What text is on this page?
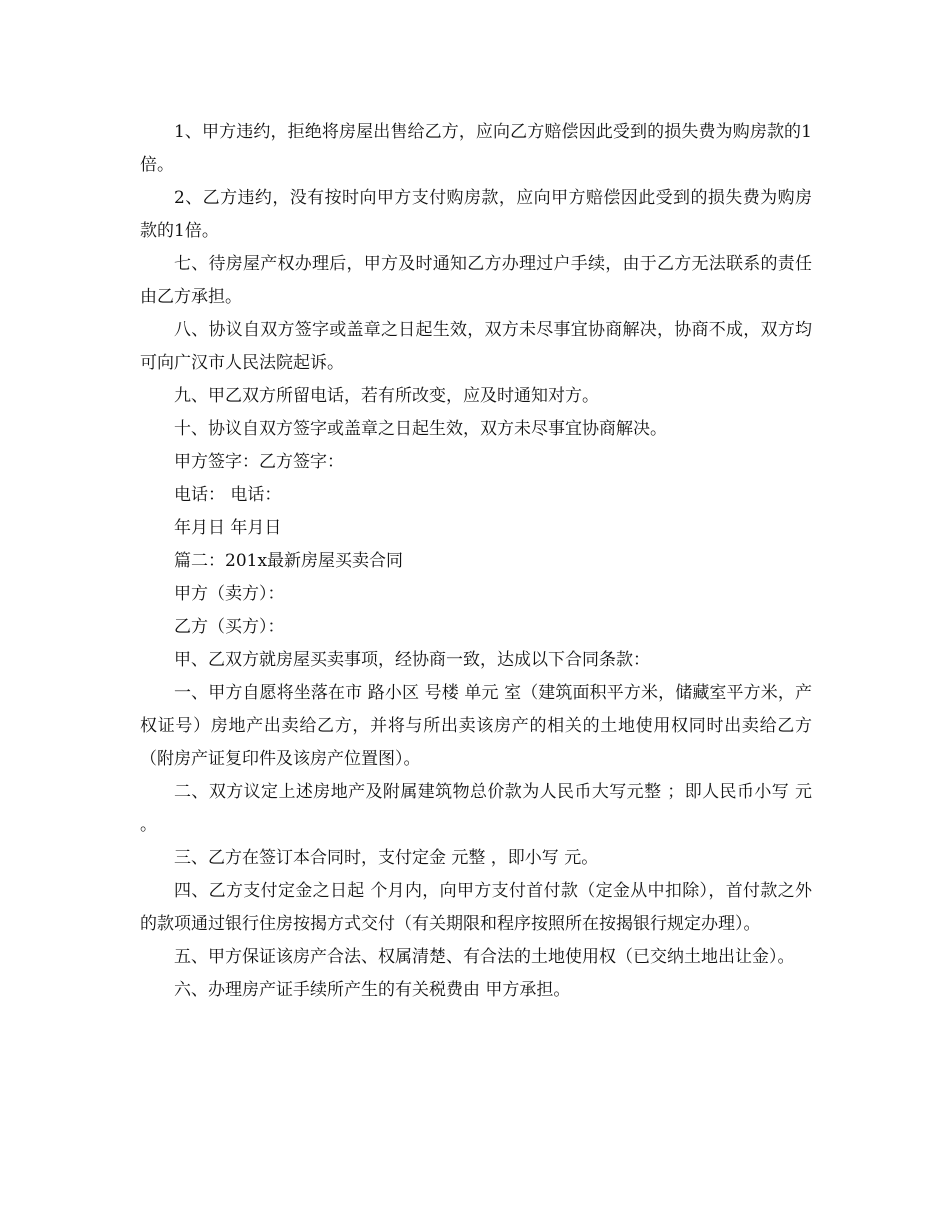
1、甲方违约，拒绝将房屋出售给乙方，应向乙方赔偿因此受到的损失费为购房款的1倍。

2、乙方违约，没有按时向甲方支付购房款，应向甲方赔偿因此受到的损失费为购房款的1倍。

七、待房屋产权办理后，甲方及时通知乙方办理过户手续，由于乙方无法联系的责任由乙方承担。

八、协议自双方签字或盖章之日起生效，双方未尽事宜协商解决，协商不成，双方均可向广汉市人民法院起诉。

九、甲乙双方所留电话，若有所改变，应及时通知对方。

十、协议自双方签字或盖章之日起生效，双方未尽事宜协商解决。

甲方签字：乙方签字：

电话： 电话：

年月日 年月日

篇二：201x最新房屋买卖合同

甲方（卖方）：

乙方（买方）：

甲、乙双方就房屋买卖事项，经协商一致，达成以下合同条款：

一、甲方自愿将坐落在市 路小区 号楼 单元 室（建筑面积平方米，储藏室平方米，产权证号）房地产出卖给乙方，并将与所出卖该房产的相关的土地使用权同时出卖给乙方（附房产证复印件及该房产位置图）。

二、双方议定上述房地产及附属建筑物总价款为人民币大写元整 ；即人民币小写 元 。

三、乙方在签订本合同时，支付定金 元整 ，即小写 元。

四、乙方支付定金之日起 个月内，向甲方支付首付款（定金从中扣除），首付款之外的款项通过银行住房按揭方式交付（有关期限和程序按照所在按揭银行规定办理）。

五、甲方保证该房产合法、权属清楚、有合法的土地使用权（已交纳土地出让金）。

六、办理房产证手续所产生的有关税费由 甲方承担。
